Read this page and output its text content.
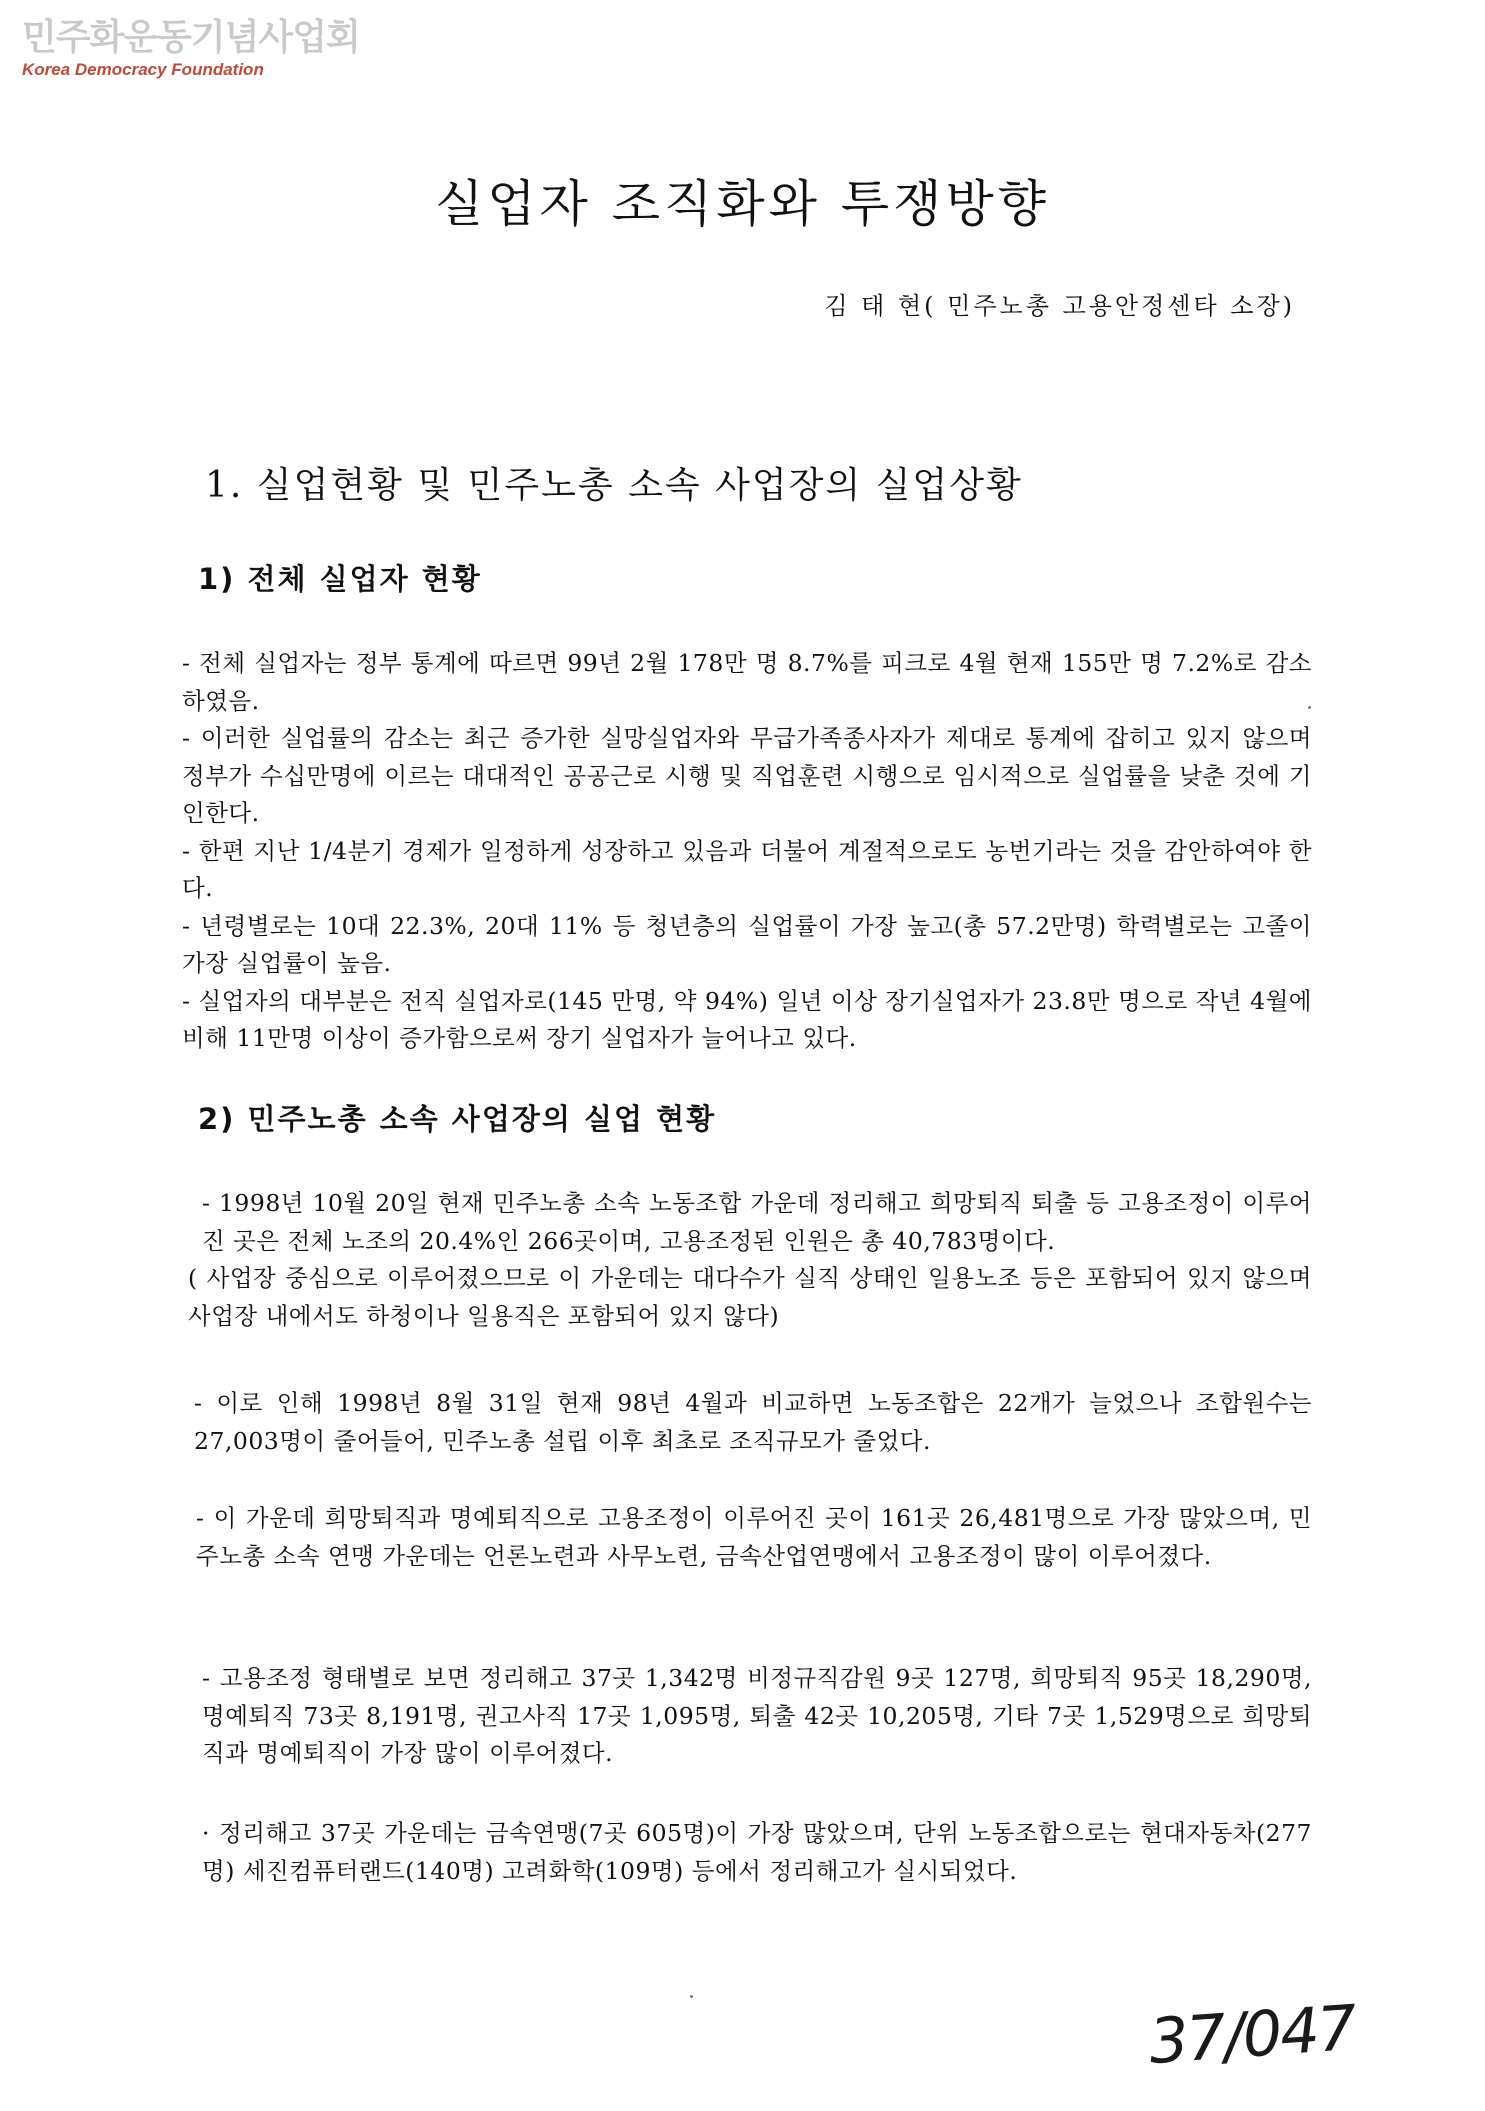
민주화운동기념사업회
Korea Democracy Foundation
실업자 조직화와 투쟁방향
김 태 현( 민주노총 고용안정센타 소장)
1. 실업현황 및 민주노총 소속 사업장의 실업상황
1) 전체 실업자 현황

- 전체 실업자는 정부 통계에 따르면 99년 2월 178만 명 8.7%를 피크로 4월 현재 155만 명 7.2%로 감소하였음.

- 이러한 실업률의 감소는 최근 증가한 실망실업자와 무급가족종사자가 제대로 통계에 잡히고 있지 않으며 정부가 수십만명에 이르는 대대적인 공공근로 시행 및 직업훈련 시행으로 임시적으로 실업률을 낮춘 것에 기인한다.

- 한편 지난 1/4분기 경제가 일정하게 성장하고 있음과 더불어 계절적으로도 농번기라는 것을 감안하여야 한다.

- 년령별로는 10대 22.3%, 20대 11% 등 청년층의 실업률이 가장 높고(총 57.2만명) 학력별로는 고졸이 가장 실업률이 높음.

- 실업자의 대부분은 전직 실업자로(145 만명, 약 94%) 일년 이상 장기실업자가 23.8만 명으로 작년 4월에 비해 11만명 이상이 증가함으로써 장기 실업자가 늘어나고 있다.

2) 민주노총 소속 사업장의 실업 현황

- 1998년 10월 20일 현재 민주노총 소속 노동조합 가운데 정리해고 희망퇴직 퇴출 등 고용조정이 이루어진 곳은 전체 노조의 20.4%인 266곳이며, 고용조정된 인원은 총 40,783명이다.

( 사업장 중심으로 이루어졌으므로 이 가운데는 대다수가 실직 상태인 일용노조 등은 포함되어 있지 않으며 사업장 내에서도 하청이나 일용직은 포함되어 있지 않다)

- 이로 인해 1998년 8월 31일 현재 98년 4월과 비교하면 노동조합은 22개가 늘었으나 조합원수는 27,003명이 줄어들어, 민주노총 설립 이후 최초로 조직규모가 줄었다.

- 이 가운데 희망퇴직과 명예퇴직으로 고용조정이 이루어진 곳이 161곳 26,481명으로 가장 많았으며, 민주노총 소속 연맹 가운데는 언론노련과 사무노련, 금속산업연맹에서 고용조정이 많이 이루어졌다.

- 고용조정 형태별로 보면 정리해고 37곳 1,342명 비정규직감원 9곳 127명, 희망퇴직 95곳 18,290명, 명예퇴직 73곳 8,191명, 권고사직 17곳 1,095명, 퇴출 42곳 10,205명, 기타 7곳 1,529명으로 희망퇴직과 명예퇴직이 가장 많이 이루어졌다.

· 정리해고 37곳 가운데는 금속연맹(7곳 605명)이 가장 많았으며, 단위 노동조합으로는 현대자동차(277명) 세진컴퓨터랜드(140명) 고려화학(109명) 등에서 정리해고가 실시되었다.

37/047
